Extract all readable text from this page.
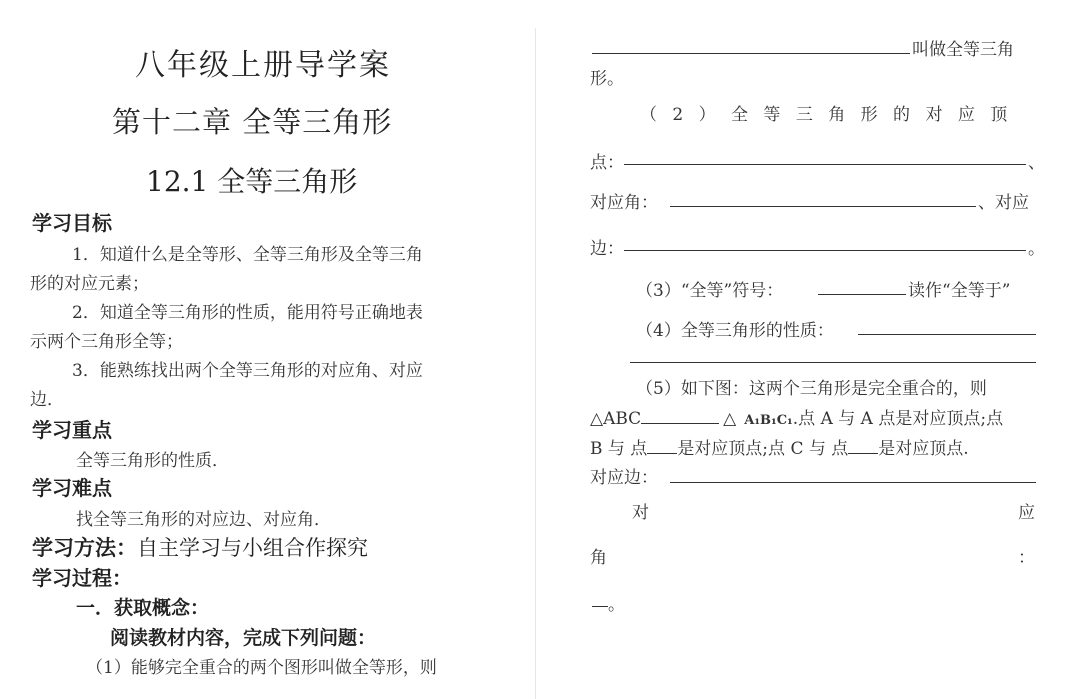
八年级上册导学案
第十二章 全等三角形
12.1 全等三角形
学习目标
1．知道什么是全等形、全等三角形及全等三角
形的对应元素；
2．知道全等三角形的性质，能用符号正确地表
示两个三角形全等；
3．能熟练找出两个全等三角形的对应角、对应
边．
学习重点
全等三角形的性质．
学习难点
找全等三角形的对应边、对应角．
学习方法：自主学习与小组合作探究
学习过程：
一．获取概念：
阅读教材内容，完成下列问题：
（1）能够完全重合的两个图形叫做全等形，则
叫做全等三角
形。
（ 2 ） 全 等 三 角 形 的 对 应 顶
点：	、
对应角：	、对应
边：	。
（3）“全等”符号：	读作“全等于”
（4）全等三角形的性质：
（5）如下图：这两个三角形是完全重合的，则
△ABC	△ A₁B₁C₁.点 A 与 A 点是对应顶点;点
B 与 点 是对应顶点;点 C 与 点 是对应顶点.
对应边：
对	应
角	：
。
